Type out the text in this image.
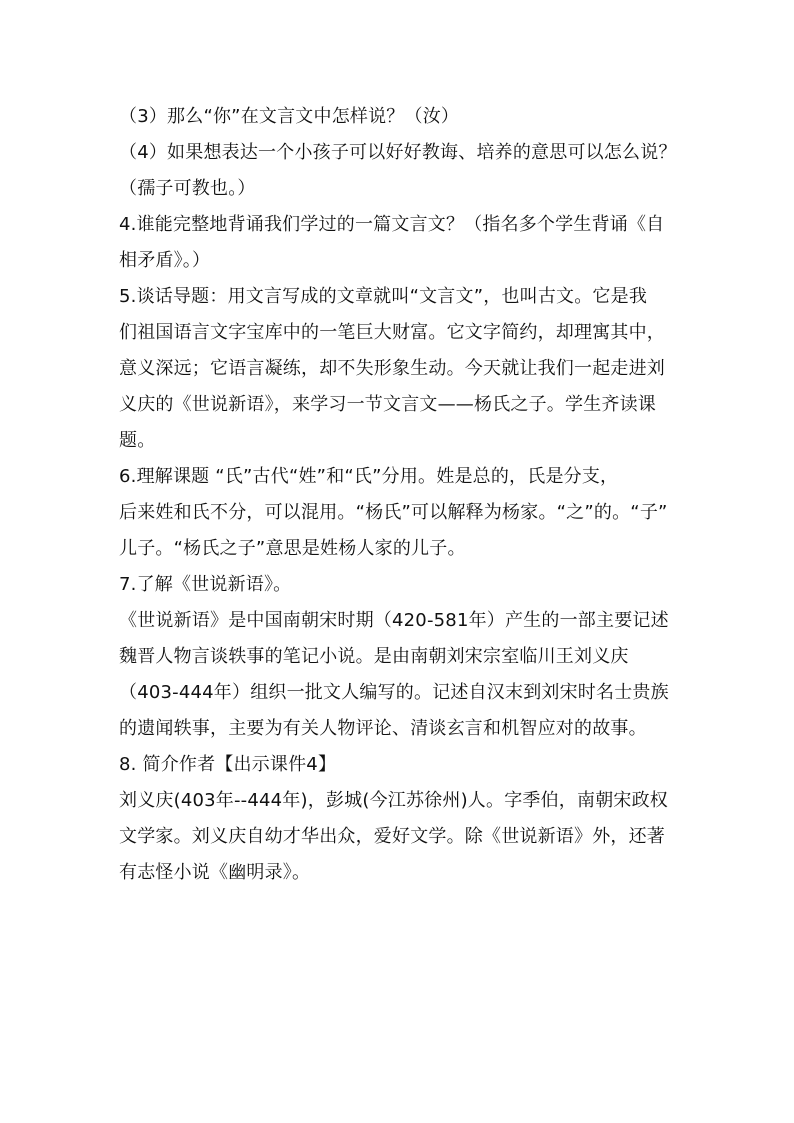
（3）那么“你”在文言文中怎样说？（汝）
（4）如果想表达一个小孩子可以好好教诲、培养的意思可以怎么说？
（孺子可教也。）
4.谁能完整地背诵我们学过的一篇文言文？（指名多个学生背诵《自
相矛盾》。）
5.谈话导题：用文言写成的文章就叫“文言文”，也叫古文。它是我
们祖国语言文字宝库中的一笔巨大财富。它文字简约，却理寓其中，
意义深远；它语言凝练，却不失形象生动。今天就让我们一起走进刘
义庆的《世说新语》，来学习一节文言文——杨氏之子。学生齐读课
题。
6.理解课题 “氏”古代“姓”和“氏”分用。姓是总的，氏是分支，
后来姓和氏不分，可以混用。“杨氏”可以解释为杨家。“之”的。“子”
儿子。“杨氏之子”意思是姓杨人家的儿子。
7.了解《世说新语》。
《世说新语》是中国南朝宋时期（420-581年）产生的一部主要记述
魏晋人物言谈轶事的笔记小说。是由南朝刘宋宗室临川王刘义庆
（403-444年）组织一批文人编写的。记述自汉末到刘宋时名士贵族
的遗闻轶事，主要为有关人物评论、清谈玄言和机智应对的故事。
8. 简介作者【出示课件4】
刘义庆(403年--444年)，彭城(今江苏徐州)人。字季伯，南朝宋政权
文学家。刘义庆自幼才华出众，爱好文学。除《世说新语》外，还著
有志怪小说《幽明录》。
